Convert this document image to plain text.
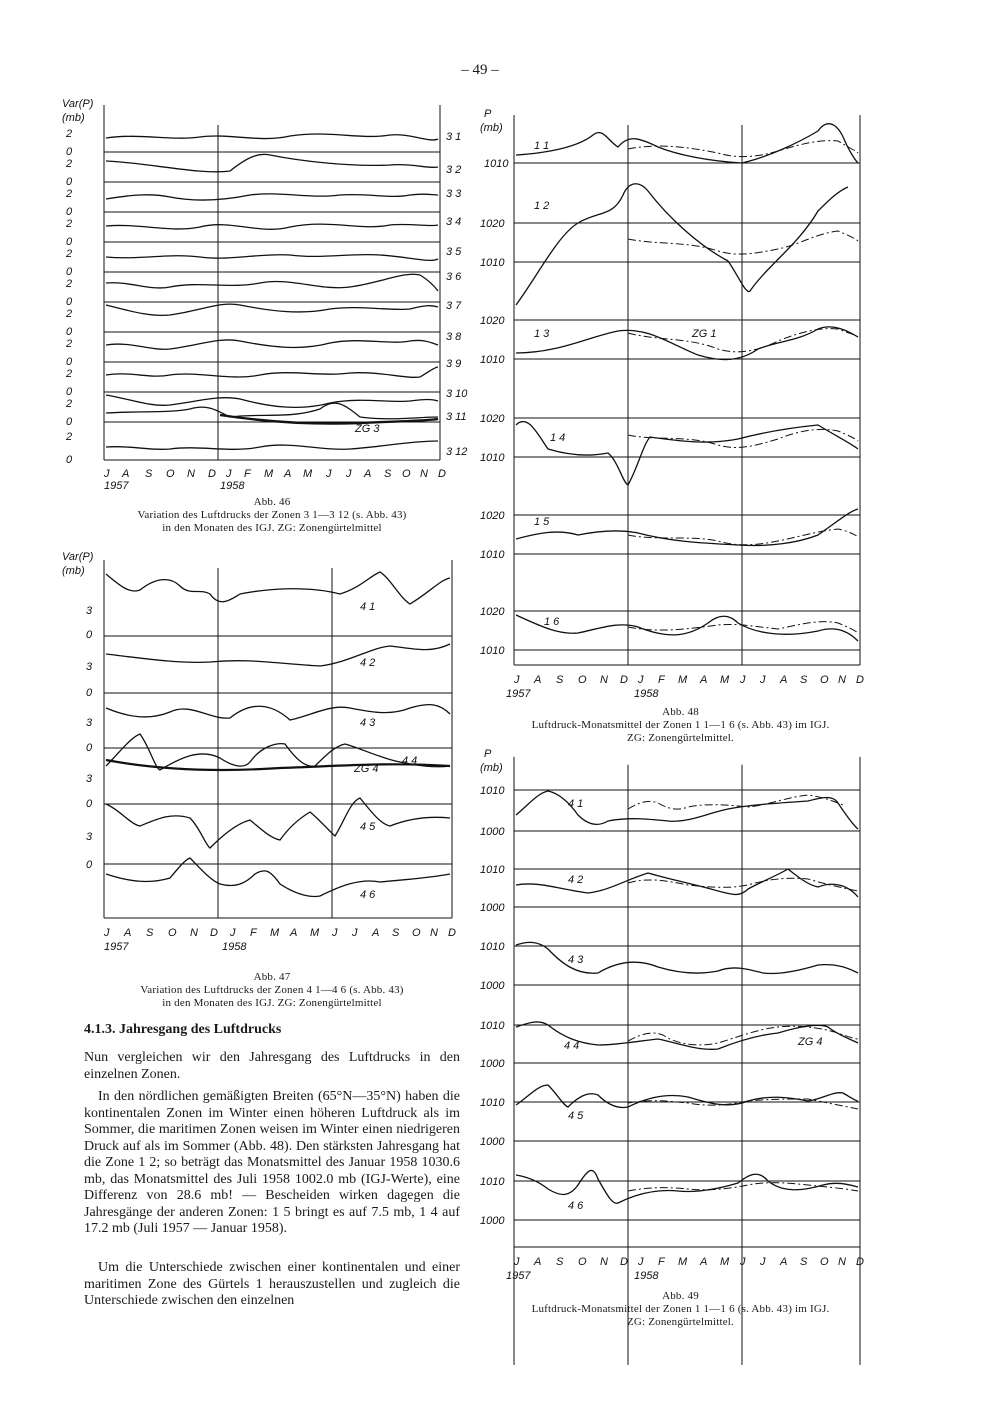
– 49 –
Var(P)
(mb)
2
0
3 1
2
0
3 2
2
0
3 3
2
0
3 4
2
0
3 5
2
0
3 6
2
0
3 7
2
0
3 8
2
0
3 9
2
0
3 10
3 11
ZG 3
2
0
3 12
J A S O N D J F M A M J J A S O N D
1957	1958
Abb. 46
Variation des Luftdrucks der Zonen 3 1—3 12 (s. Abb. 43)
in den Monaten des IGJ. ZG: Zonengürtelmittel
Var(P)
(mb)
3
0
4 1
3
0
4 2
3
0
4 3
3
0
4 4
ZG 4
3
0
4 5
4 6
J A S O N D J F M A M J J A S O N D
1957	1958
Abb. 47
Variation des Luftdrucks der Zonen 4 1—4 6 (s. Abb. 43)
in den Monaten des IGJ. ZG: Zonengürtelmittel
4.1.3. Jahresgang des Luftdrucks
Nun vergleichen wir den Jahresgang des Luftdrucks in den einzelnen Zonen.
In den nördlichen gemäßigten Breiten (65°N—35°N) haben die kontinentalen Zonen im Winter einen höheren Luftdruck als im Sommer, die maritimen Zonen weisen im Winter einen niedrigeren Druck auf als im Sommer (Abb. 48). Den stärksten Jahresgang hat die Zone 1 2; so beträgt das Monatsmittel des Januar 1958 1030.6 mb, das Monatsmittel des Juli 1958 1002.0 mb (IGJ-Werte), eine Differenz von 28.6 mb! — Bescheiden wirken dagegen die Jahresgänge der anderen Zonen: 1 5 bringt es auf 7.5 mb, 1 4 auf 17.2 mb (Juli 1957 — Januar 1958).
Um die Unterschiede zwischen einer kontinentalen und einer maritimen Zone des Gürtels 1 herauszustellen und zugleich die Unterschiede zwischen den einzelnen
P
(mb)
1010
1 1
1020
1010
1 2
1020
1010
1 3	ZG 1
1020
1010
1 4
1020
1010
1 5
1020
1010
1 6
J A S O N D J F M A M J J A S O N D
1957	1958
Abb. 48
Luftdruck-Monatsmittel der Zonen 1 1—1 6 (s. Abb. 43) im IGJ.
ZG: Zonengürtelmittel.
P
(mb)
1010
1000
4 1
1010
1000
4 2
1010
1000
4 3
1010
1000
4 4	ZG 4
1010
1000
4 5
1010
1000
4 6
J A S O N D J F M A M J J A S O N D
1957	1958
Abb. 49
Luftdruck-Monatsmittel der Zonen 1 1—1 6 (s. Abb. 43) im IGJ.
ZG: Zonengürtelmittel.
